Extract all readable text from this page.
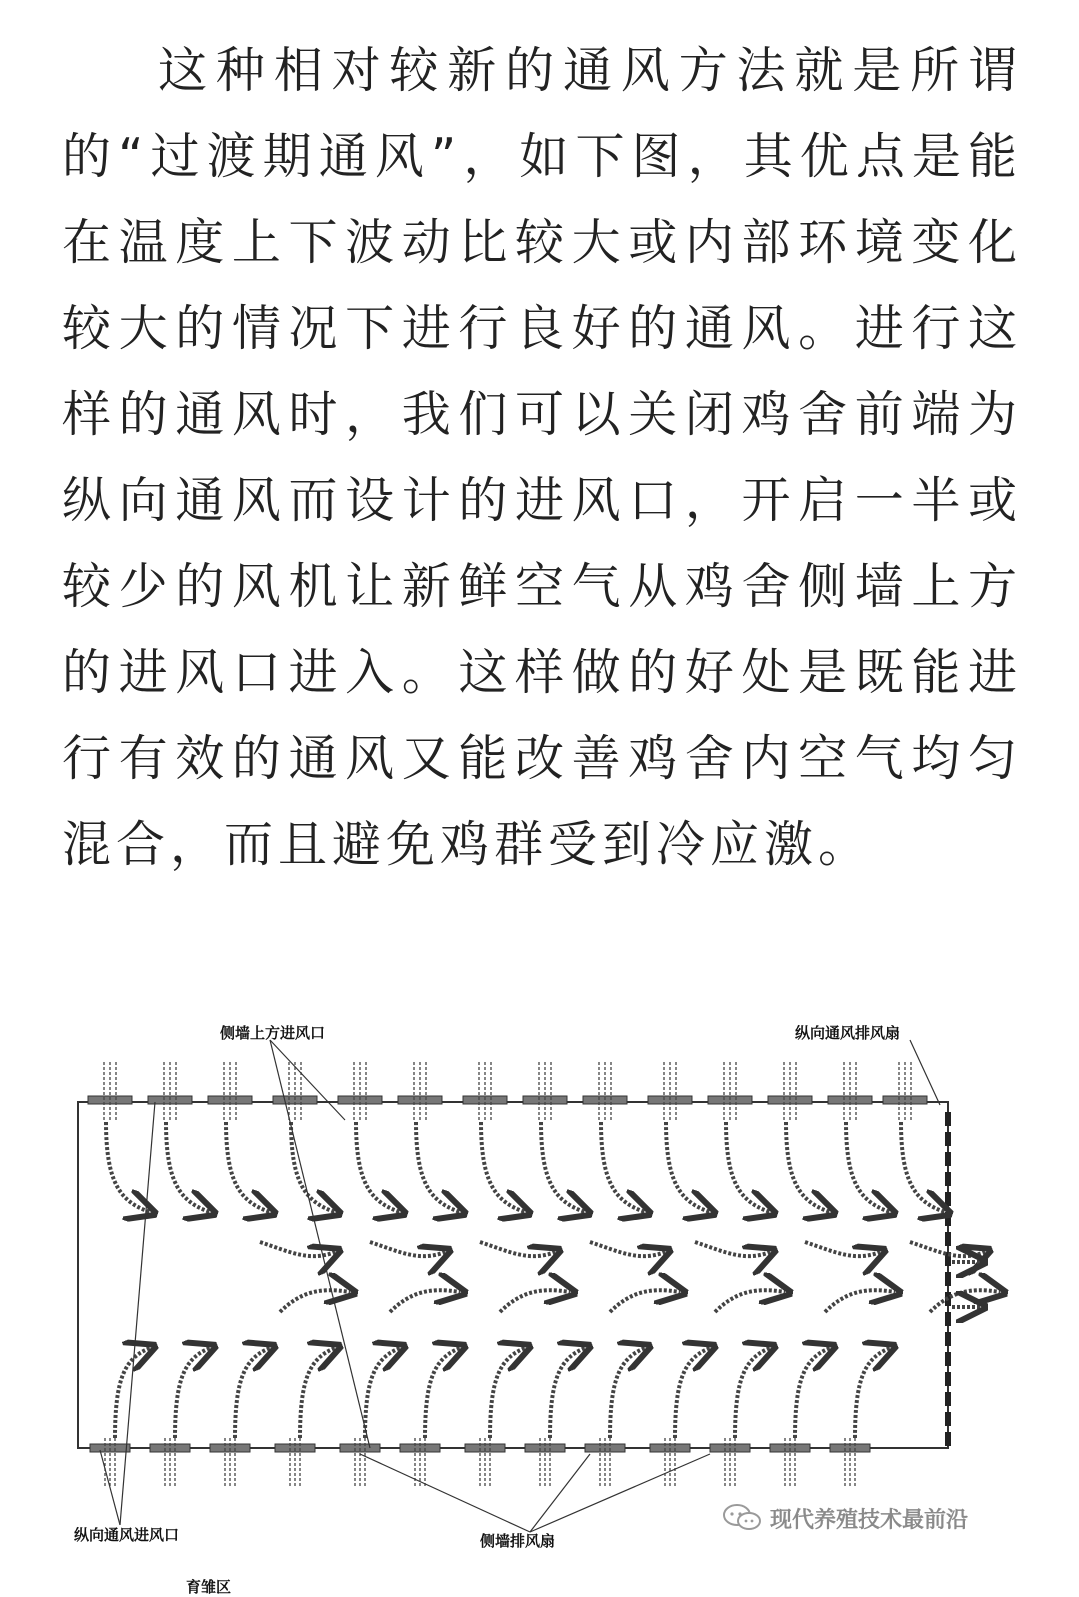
这种相对较新的通风方法就是所谓的“过渡期通风”，如下图，其优点是能在温度上下波动比较大或内部环境变化较大的情况下进行良好的通风。进行这样的通风时，我们可以关闭鸡舍前端为纵向通风而设计的进风口，开启一半或较少的风机让新鲜空气从鸡舍侧墙上方的进风口进入。这样做的好处是既能进行有效的通风又能改善鸡舍内空气均匀混合，而且避免鸡群受到冷应激。

侧墙上方进风口	纵向通风排风扇
育雏区
纵向通风进风口	侧墙排风扇
现代养殖技术最前沿
